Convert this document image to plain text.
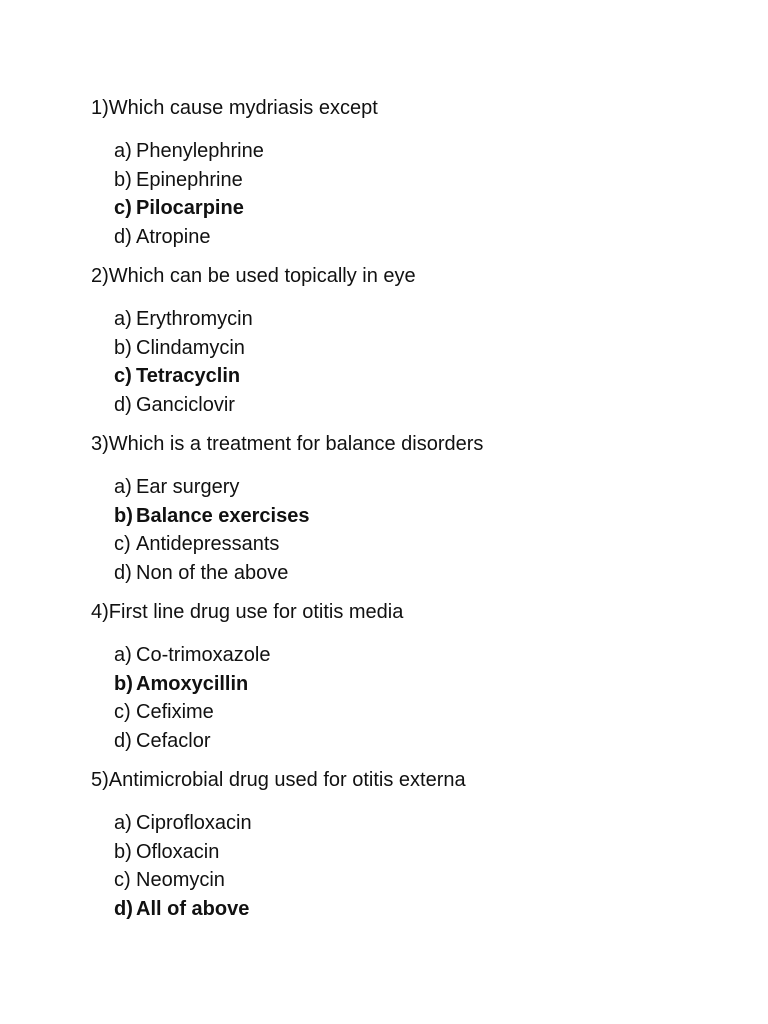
1)Which cause mydriasis except
a) Phenylephrine
b) Epinephrine
c) Pilocarpine
d) Atropine
2)Which can be used topically in eye
a) Erythromycin
b) Clindamycin
c) Tetracyclin
d) Ganciclovir
3)Which is a treatment for balance disorders
a) Ear surgery
b) Balance exercises
c) Antidepressants
d) Non of the above
4)First line drug use for otitis media
a) Co-trimoxazole
b) Amoxycillin
c) Cefixime
d) Cefaclor
5)Antimicrobial drug used for otitis externa
a) Ciprofloxacin
b) Ofloxacin
c) Neomycin
d) All of above
